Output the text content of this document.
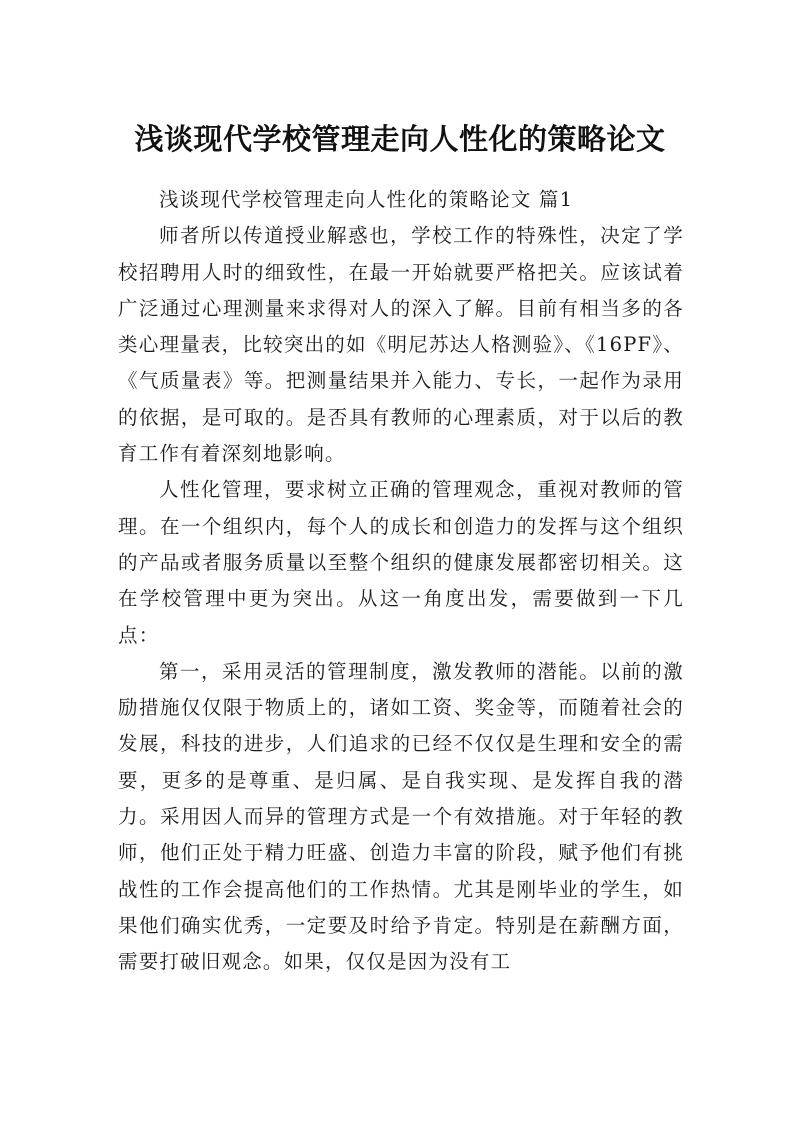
浅谈现代学校管理走向人性化的策略论文

浅谈现代学校管理走向人性化的策略论文 篇1

师者所以传道授业解惑也，学校工作的特殊性，决定了学校招聘用人时的细致性，在最一开始就要严格把关。应该试着广泛通过心理测量来求得对人的深入了解。目前有相当多的各类心理量表，比较突出的如《明尼苏达人格测验》、《16PF》、《气质量表》等。把测量结果并入能力、专长，一起作为录用的依据，是可取的。是否具有教师的心理素质，对于以后的教育工作有着深刻地影响。

人性化管理，要求树立正确的管理观念，重视对教师的管理。在一个组织内，每个人的成长和创造力的发挥与这个组织的产品或者服务质量以至整个组织的健康发展都密切相关。这在学校管理中更为突出。从这一角度出发，需要做到一下几点：

第一，采用灵活的管理制度，激发教师的潜能。以前的激励措施仅仅限于物质上的，诸如工资、奖金等，而随着社会的发展，科技的进步，人们追求的已经不仅仅是生理和安全的需要，更多的是尊重、是归属、是自我实现、是发挥自我的潜力。采用因人而异的管理方式是一个有效措施。对于年轻的教师，他们正处于精力旺盛、创造力丰富的阶段，赋予他们有挑战性的工作会提高他们的工作热情。尤其是刚毕业的学生，如果他们确实优秀，一定要及时给予肯定。特别是在薪酬方面，需要打破旧观念。如果，仅仅是因为没有工
